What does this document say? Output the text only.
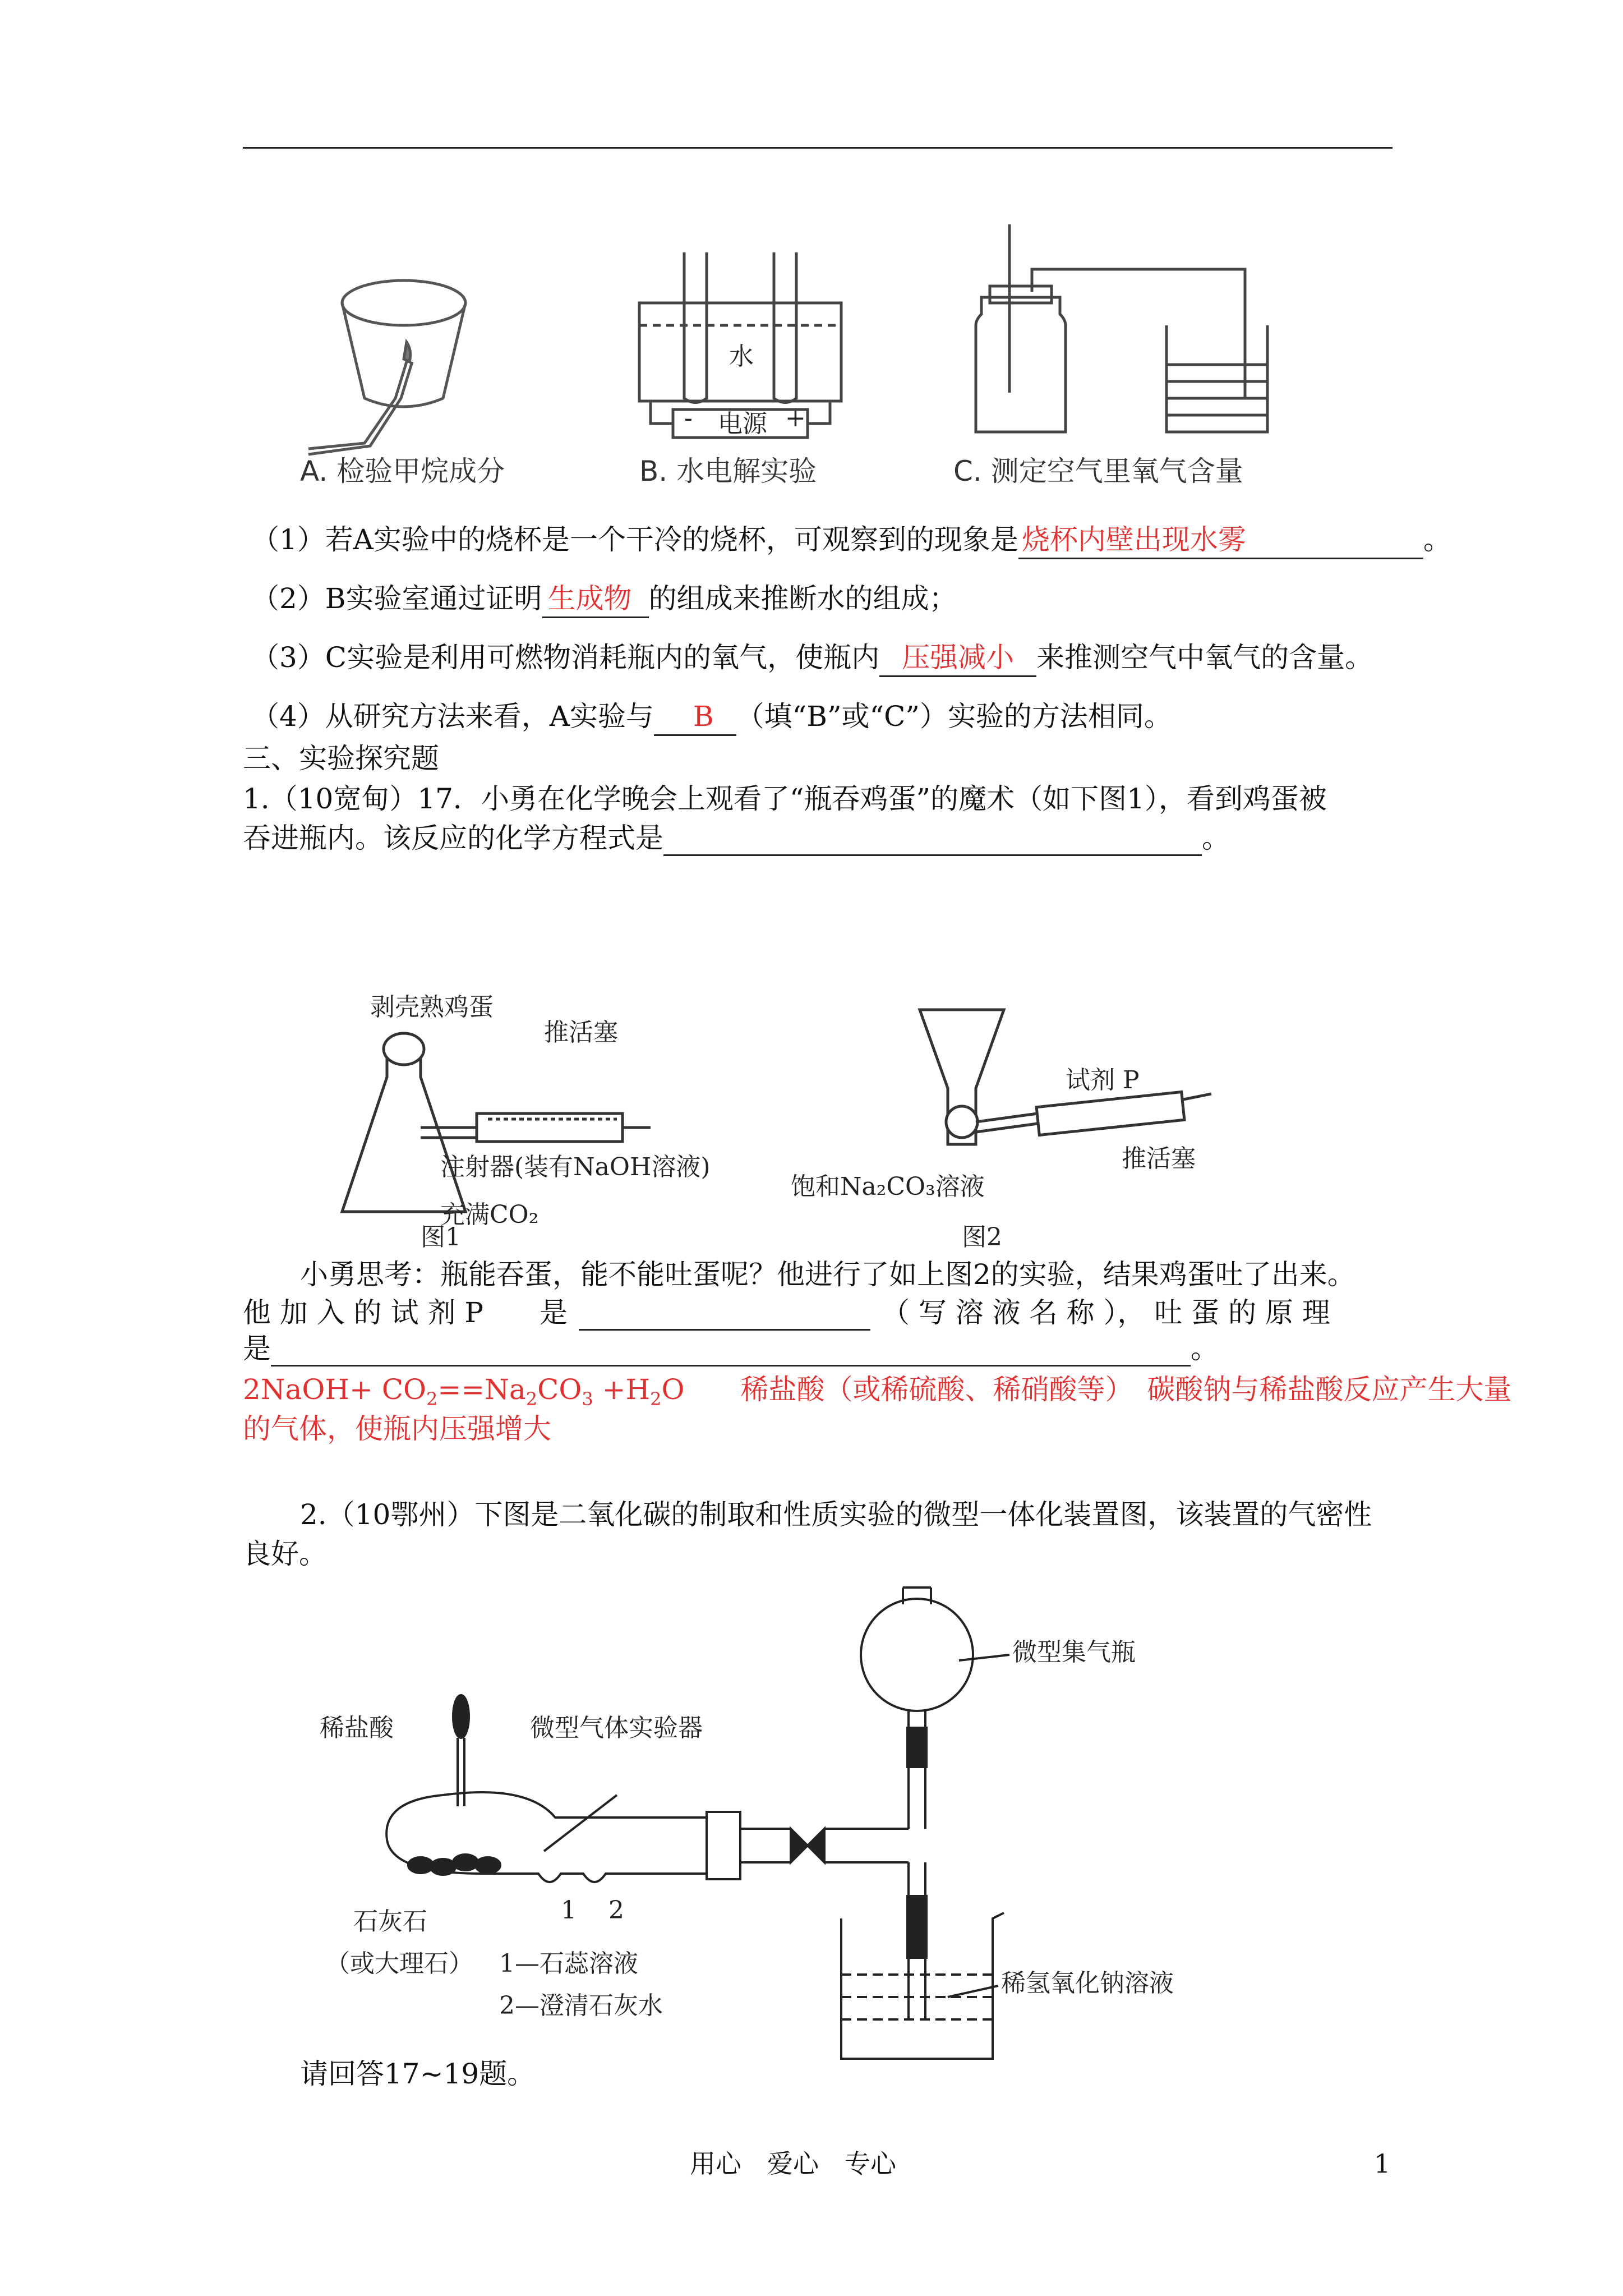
水
电源
-	+
A. 检验甲烷成分	B. 水电解实验	C. 测定空气里氧气含量
（1）若A实验中的烧杯是一个干冷的烧杯，可观察到的现象是 烧杯内壁出现水雾	。
（2）B实验室通过证明 生成物 的组成来推断水的组成；
（3）C实验是利用可燃物消耗瓶内的氧气，使瓶内 压强减小 来推测空气中氧气的含量。
（4）从研究方法来看，A实验与 B （填“B”或“C”）实验的方法相同。
三、实验探究题
1.（10宽甸）17．小勇在化学晚会上观看了“瓶吞鸡蛋”的魔术（如下图1），看到鸡蛋被
吞进瓶内。该反应的化学方程式是	。
剥壳熟鸡蛋
推活塞
注射器(装有NaOH溶液)
充满CO₂
试剂 P
饱和Na₂CO₃溶液
推活塞
图1	图2
小勇思考：瓶能吞蛋，能不能吐蛋呢？他进行了如上图2的实验，结果鸡蛋吐了出来。
他 加 入 的 试 剂 P　　 是	（ 写 溶 液 名 称 ）， 吐 蛋 的 原 理
是	。
2NaOH+ $CO_2==Na_2CO_3 +H_2O$　　 稀盐酸（或稀硫酸、稀硝酸等）　碳酸钠与稀盐酸反应产生大量
的气体，使瓶内压强增大
2.（10鄂州）下图是二氧化碳的制取和性质实验的微型一体化装置图，该装置的气密性
良好。
稀盐酸	微型气体实验器
微型集气瓶
1 2
石灰石
（或大理石） 1—石蕊溶液
2—澄清石灰水
稀氢氧化钠溶液
请回答17~19题。
用心　爱心　专心	1
